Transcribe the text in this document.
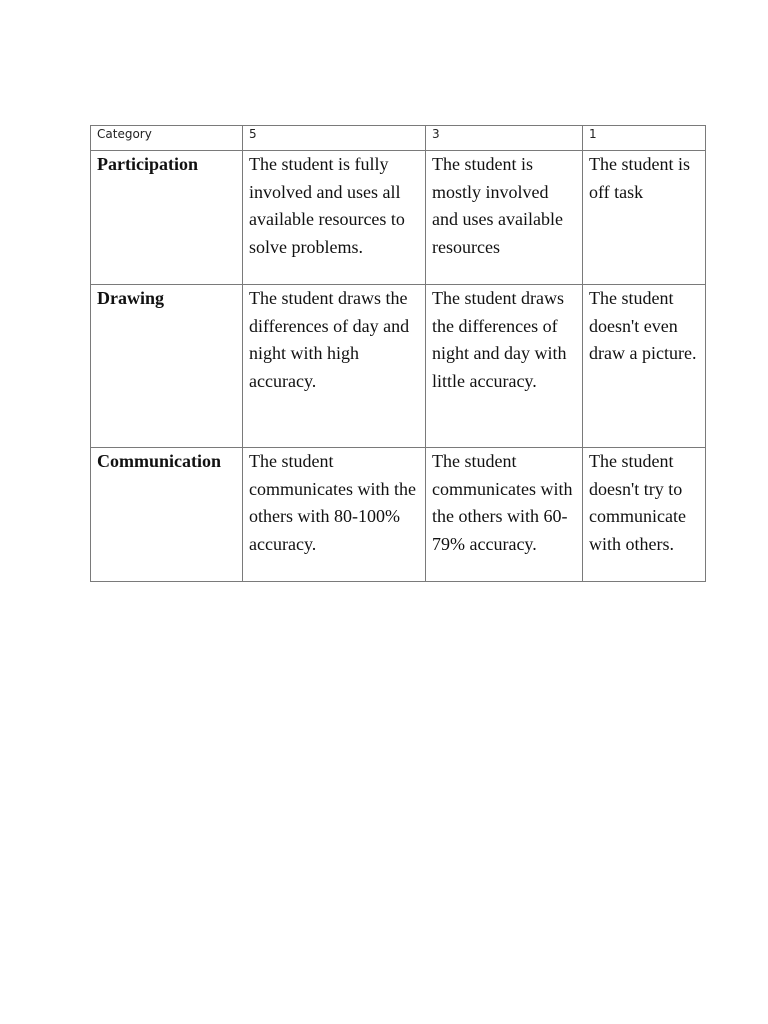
Category	5	3	1
Participation	The student is fully involved and uses all available resources to solve problems.	The student is mostly involved and uses available resources	The student is off task
Drawing	The student draws the differences of day and night with high accuracy.	The student draws the differences of night and day with little accuracy.	The student doesn't even draw a picture.
Communication	The student communicates with the others with 80-100% accuracy.	The student communicates with the others with 60-79% accuracy.	The student doesn't try to communicate with others.
